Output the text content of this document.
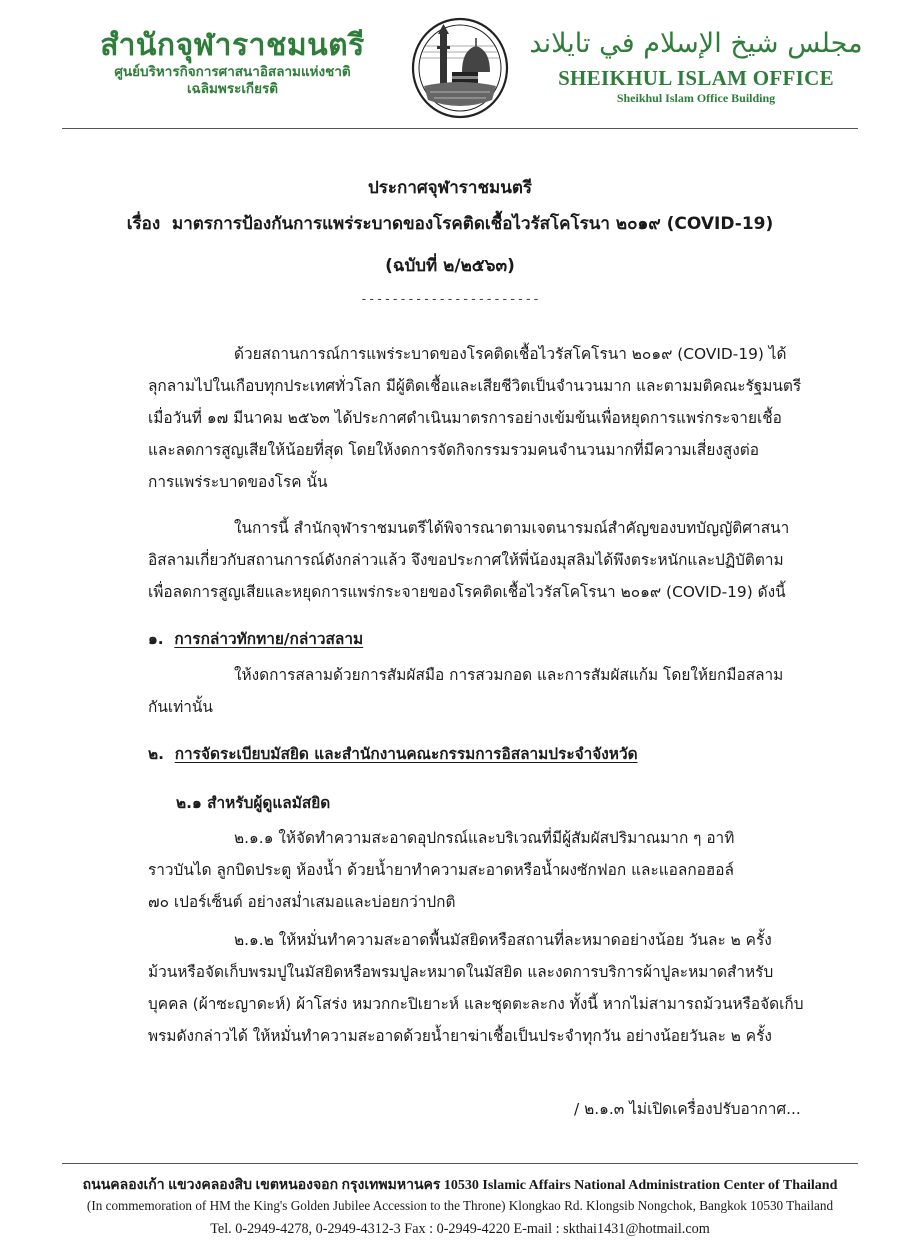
สำนักจุฬาราชมนตรี
ศูนย์บริหารกิจการศาสนาอิสลามแห่งชาติ
เฉลิมพระเกียรติ
مجلس شيخ الإسلام في تايلاند
SHEIKHUL ISLAM OFFICE
Sheikhul Islam Office Building
ประกาศจุฬาราชมนตรี
เรื่อง มาตรการป้องกันการแพร่ระบาดของโรคติดเชื้อไวรัสโคโรนา ๒๐๑๙ (COVID-19)
(ฉบับที่ ๒/๒๕๖๓)
-----------------------
ด้วยสถานการณ์การแพร่ระบาดของโรคติดเชื้อไวรัสโคโรนา ๒๐๑๙ (COVID-19) ได้
ลุกลามไปในเกือบทุกประเทศทั่วโลก มีผู้ติดเชื้อและเสียชีวิตเป็นจำนวนมาก และตามมติคณะรัฐมนตรี
เมื่อวันที่ ๑๗ มีนาคม ๒๕๖๓ ได้ประกาศดำเนินมาตรการอย่างเข้มข้นเพื่อหยุดการแพร่กระจายเชื้อ
และลดการสูญเสียให้น้อยที่สุด โดยให้งดการจัดกิจกรรมรวมคนจำนวนมากที่มีความเสี่ยงสูงต่อ
การแพร่ระบาดของโรค นั้น
ในการนี้ สำนักจุฬาราชมนตรีได้พิจารณาตามเจตนารมณ์สำคัญของบทบัญญัติศาสนา
อิสลามเกี่ยวกับสถานการณ์ดังกล่าวแล้ว จึงขอประกาศให้พี่น้องมุสลิมได้พึงตระหนักและปฏิบัติตาม
เพื่อลดการสูญเสียและหยุดการแพร่กระจายของโรคติดเชื้อไวรัสโคโรนา ๒๐๑๙ (COVID-19) ดังนี้
๑. การกล่าวทักทาย/กล่าวสลาม
ให้งดการสลามด้วยการสัมผัสมือ การสวมกอด และการสัมผัสแก้ม โดยให้ยกมือสลาม
กันเท่านั้น
๒. การจัดระเบียบมัสยิด และสำนักงานคณะกรรมการอิสลามประจำจังหวัด
๒.๑ สำหรับผู้ดูแลมัสยิด
๒.๑.๑ ให้จัดทำความสะอาดอุปกรณ์และบริเวณที่มีผู้สัมผัสปริมาณมาก ๆ อาทิ
ราวบันได ลูกบิดประตู ห้องน้ำ ด้วยน้ำยาทำความสะอาดหรือน้ำผงซักฟอก และแอลกอฮอล์
๗๐ เปอร์เซ็นต์ อย่างสม่ำเสมอและบ่อยกว่าปกติ
๒.๑.๒ ให้หมั่นทำความสะอาดพื้นมัสยิดหรือสถานที่ละหมาดอย่างน้อย วันละ ๒ ครั้ง
ม้วนหรือจัดเก็บพรมปูในมัสยิดหรือพรมปูละหมาดในมัสยิด และงดการบริการผ้าปูละหมาดสำหรับ
บุคคล (ผ้าซะญาดะห์) ผ้าโสร่ง หมวกกะปิเยาะห์ และชุดตะละกง ทั้งนี้ หากไม่สามารถม้วนหรือจัดเก็บ
พรมดังกล่าวได้ ให้หมั่นทำความสะอาดด้วยน้ำยาฆ่าเชื้อเป็นประจำทุกวัน อย่างน้อยวันละ ๒ ครั้ง
/ ๒.๑.๓ ไม่เปิดเครื่องปรับอากาศ...
ถนนคลองเก้า แขวงคลองสิบ เขตหนองจอก กรุงเทพมหานคร 10530 Islamic Affairs National Administration Center of Thailand
(In commemoration of HM the King's Golden Jubilee Accession to the Throne) Klongkao Rd. Klongsib Nongchok, Bangkok 10530 Thailand
Tel. 0-2949-4278, 0-2949-4312-3 Fax : 0-2949-4220 E-mail : skthai1431@hotmail.com
